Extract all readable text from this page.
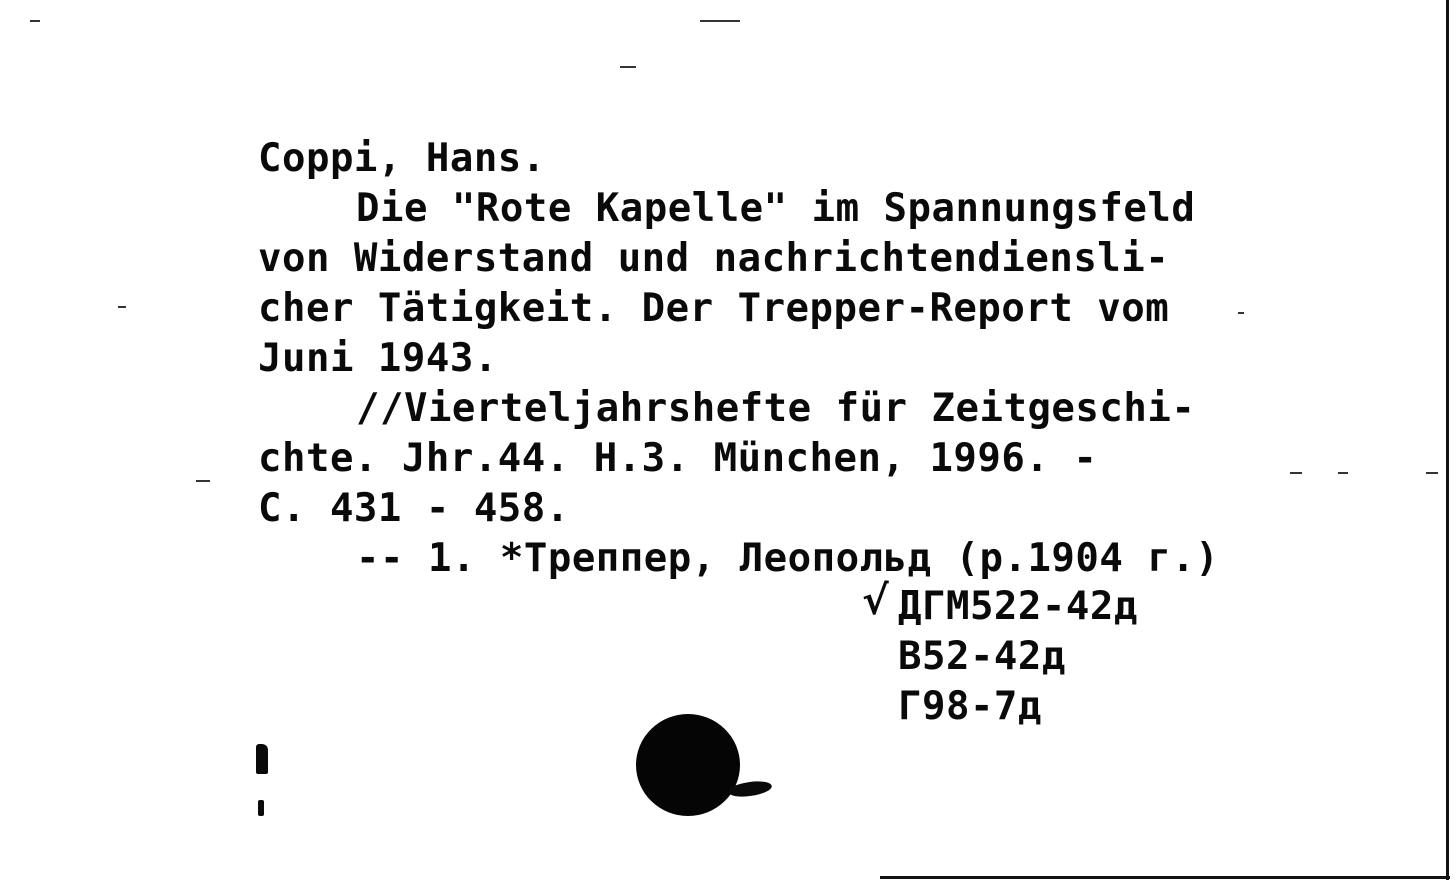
Coppi, Hans.
Die "Rote Kapelle" im Spannungsfeld
von Widerstand und nachrichtendiensli-
cher Tätigkeit. Der Trepper-Report vom
Juni 1943.
//Vierteljahrshefte für Zeitgeschi-
chte. Jhr.44. H.3. München, 1996. -
C. 431 - 458.
-- 1. *Треппер, Леопольд (р.1904 г.)
√ ДГМ522-42д
B52-42д
Г98-7д
